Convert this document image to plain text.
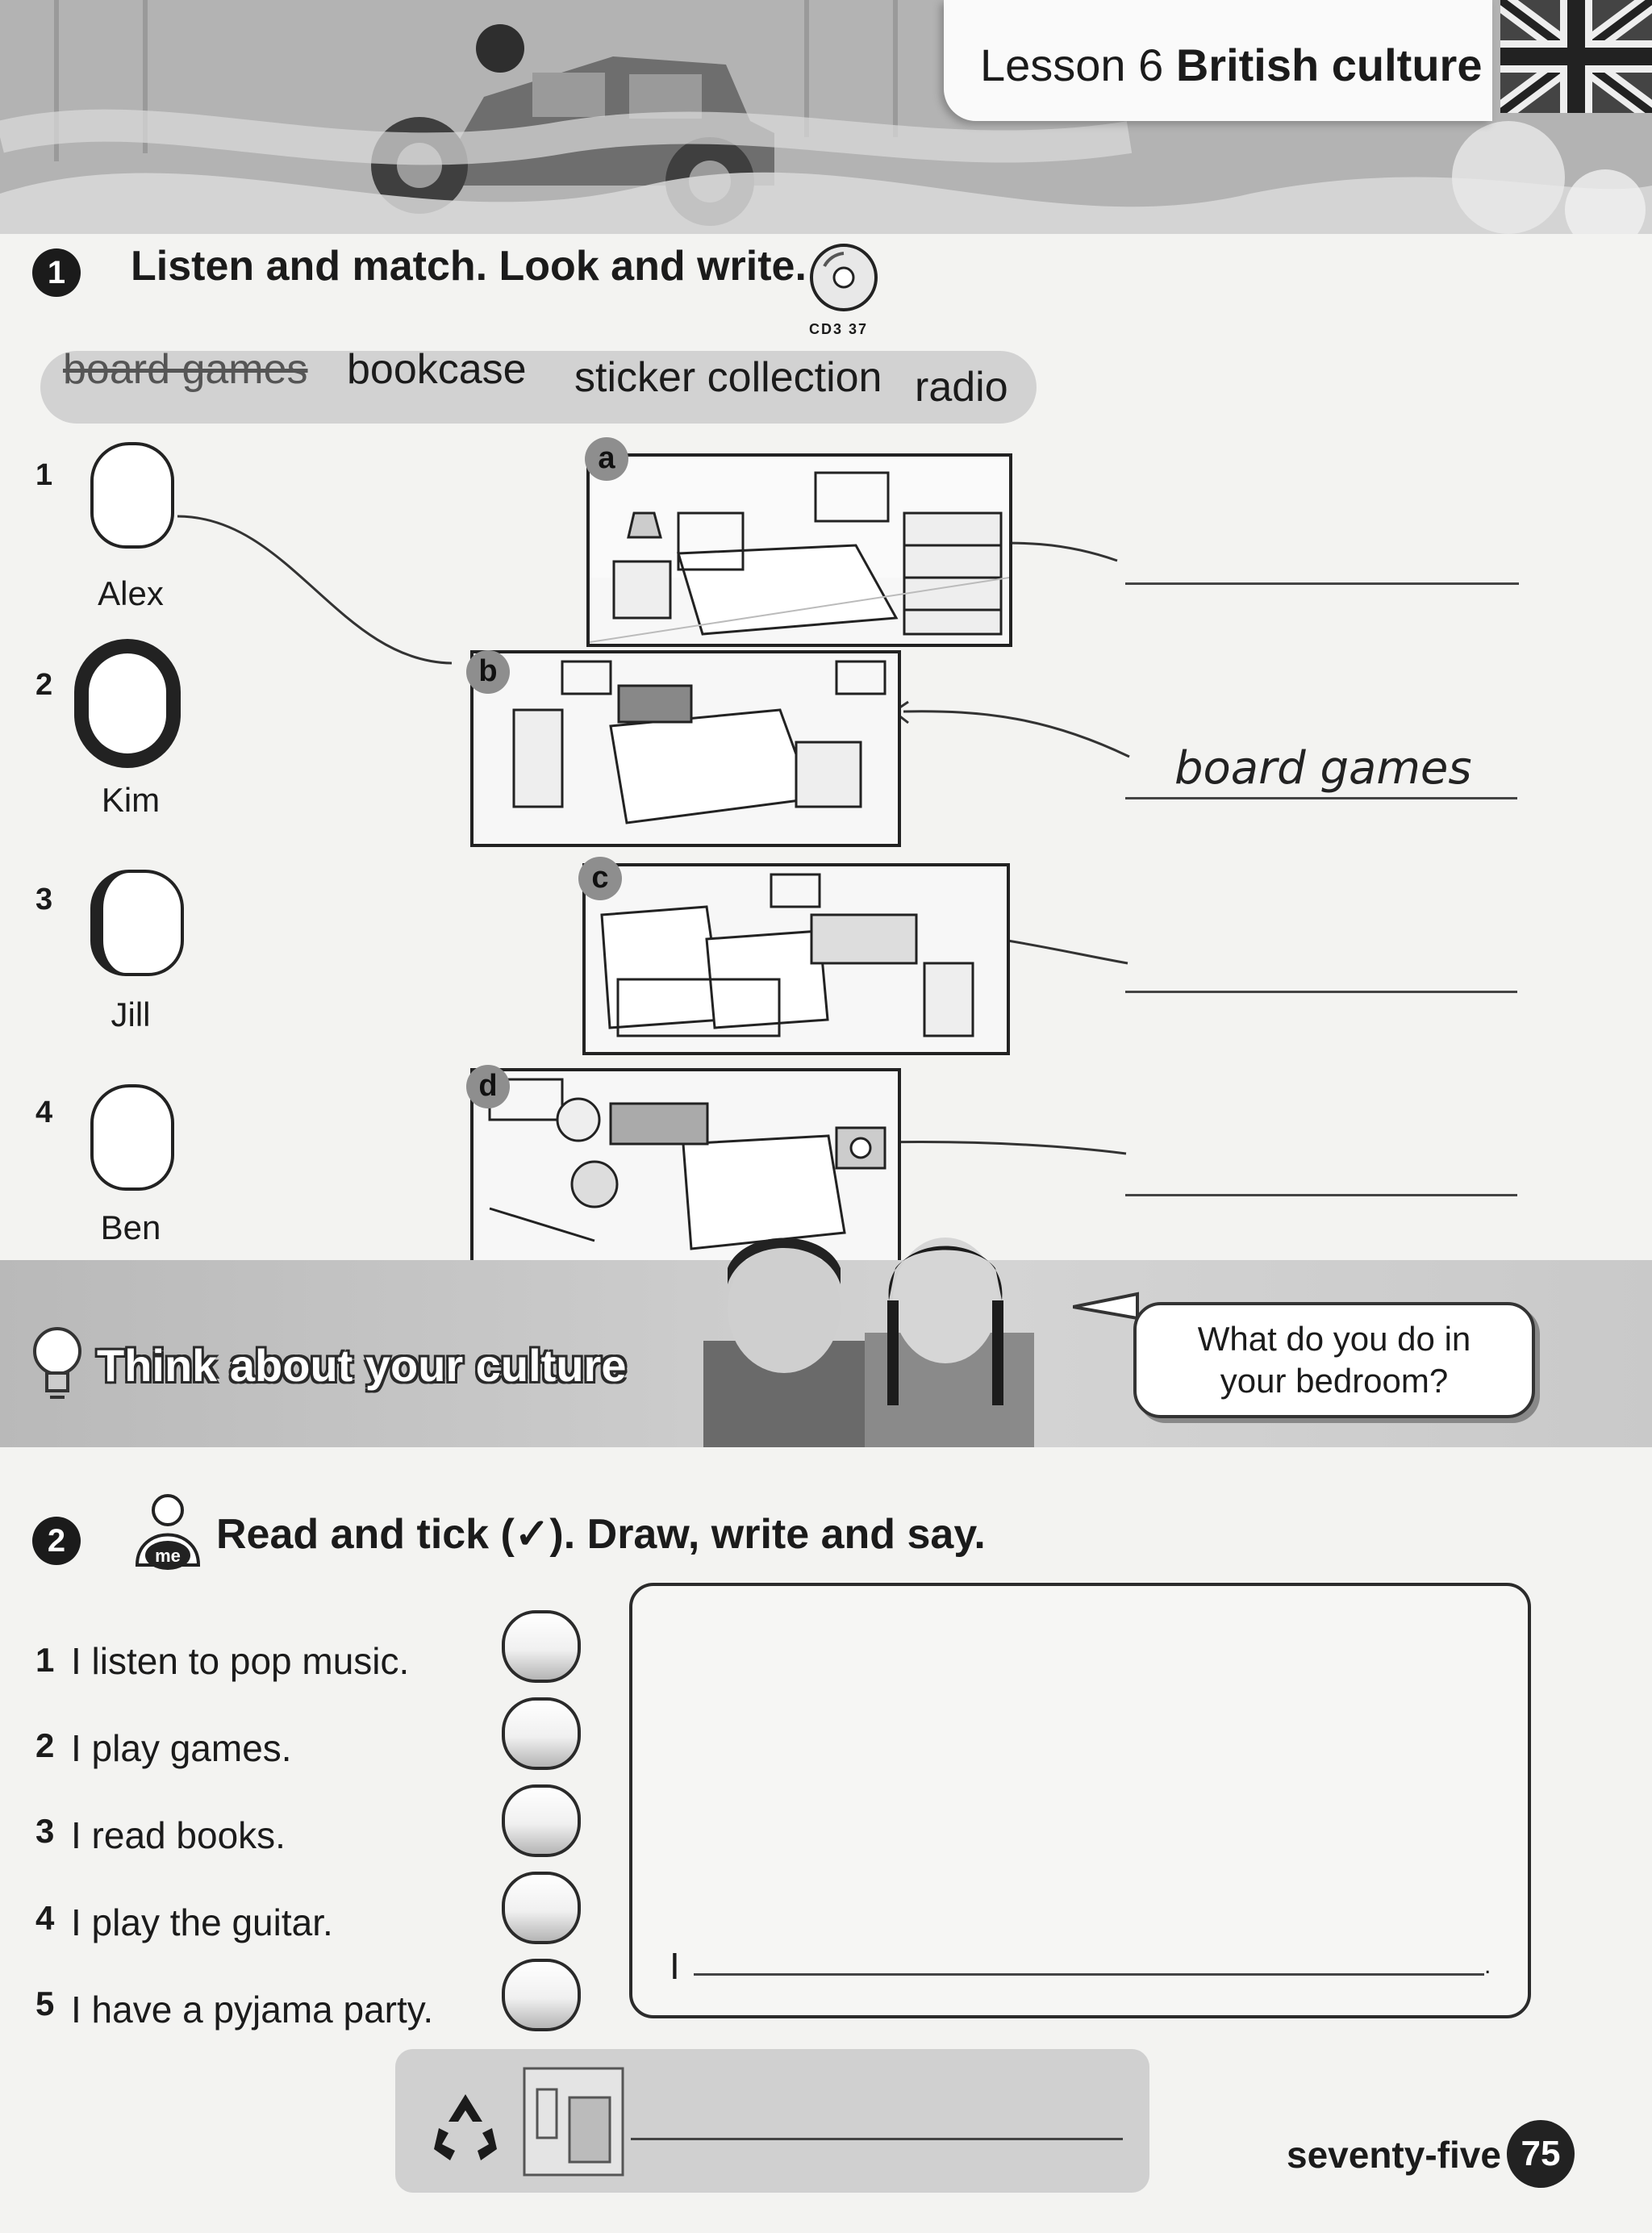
Lesson 6 British culture
1	Listen and match. Look and write.
CD3 37
board games bookcase sticker collection radio
1
Alex
2
Kim
3
Jill
4
Ben
a
b
board games
c
d
Think about your culture
What do you do in
your bedroom?
2	me Read and tick (✓). Draw, write and say.
1 I listen to pop music.
2 I play games.
3 I read books.
4 I play the guitar.
5 I have a pyjama party.
I	.
seventy-five 75
